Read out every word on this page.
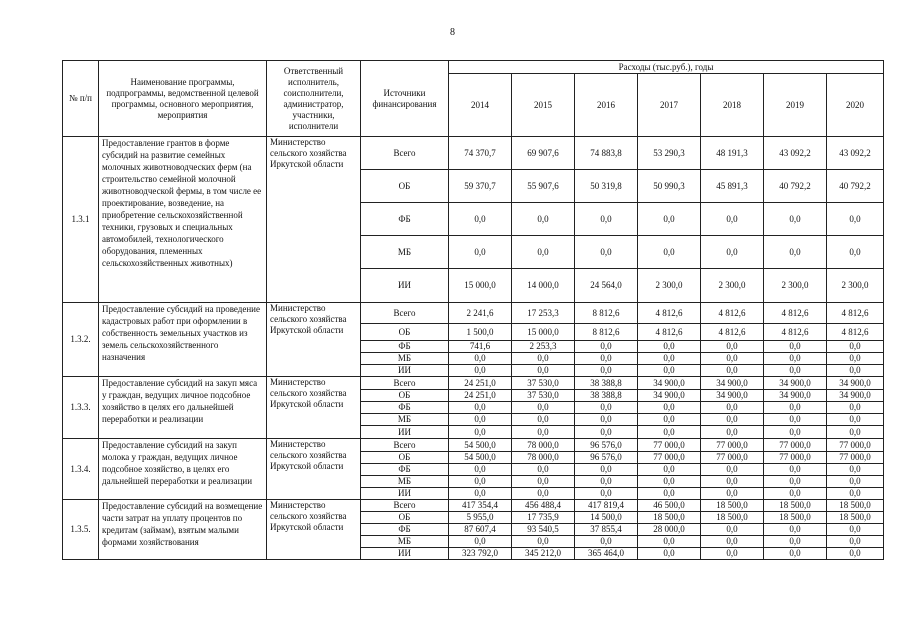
8
№ п/п	Наименование программы, подпрограммы, ведомственной целевой программы, основного мероприятия, мероприятия	Ответственный исполнитель, соисполнители, администратор, участники, исполнители	Источники финансирования	Расходы (тыс.руб.), годы						
				2014	2015	2016	2017	2018	2019	2020
1.3.1	Предоставление грантов в форме субсидий на развитие семейных молочных животноводческих ферм (на строительство семейной молочной животноводческой фермы, в том числе ее проектирование, возведение, на приобретение сельскохозяйственной техники, грузовых и специальных автомобилей, технологического оборудования, племенных сельскохозяйственных животных)	Министерство сельского хозяйства Иркутской области	Всего	74 370,7	69 907,6	74 883,8	53 290,3	48 191,3	43 092,2	43 092,2
			ОБ	59 370,7	55 907,6	50 319,8	50 990,3	45 891,3	40 792,2	40 792,2
			ФБ	0,0	0,0	0,0	0,0	0,0	0,0	0,0
			МБ	0,0	0,0	0,0	0,0	0,0	0,0	0,0
			ИИ	15 000,0	14 000,0	24 564,0	2 300,0	2 300,0	2 300,0	2 300,0
1.3.2.	Предоставление субсидий на проведение кадастровых работ при оформлении в собственность земельных участков из земель сельскохозяйственного назначения	Министерство сельского хозяйства Иркутской области	Всего	2 241,6	17 253,3	8 812,6	4 812,6	4 812,6	4 812,6	4 812,6
			ОБ	1 500,0	15 000,0	8 812,6	4 812,6	4 812,6	4 812,6	4 812,6
			ФБ	741,6	2 253,3	0,0	0,0	0,0	0,0	0,0
			МБ	0,0	0,0	0,0	0,0	0,0	0,0	0,0
			ИИ	0,0	0,0	0,0	0,0	0,0	0,0	0,0
1.3.3.	Предоставление субсидий на закуп мяса у граждан, ведущих личное подсобное хозяйство в целях его дальнейшей переработки и реализации	Министерство сельского хозяйства Иркутской области	Всего	24 251,0	37 530,0	38 388,8	34 900,0	34 900,0	34 900,0	34 900,0
			ОБ	24 251,0	37 530,0	38 388,8	34 900,0	34 900,0	34 900,0	34 900,0
			ФБ	0,0	0,0	0,0	0,0	0,0	0,0	0,0
			МБ	0,0	0,0	0,0	0,0	0,0	0,0	0,0
			ИИ	0,0	0,0	0,0	0,0	0,0	0,0	0,0
1.3.4.	Предоставление субсидий на закуп молока у граждан, ведущих личное подсобное хозяйство, в целях его дальнейшей переработки и реализации	Министерство сельского хозяйства Иркутской области	Всего	54 500,0	78 000,0	96 576,0	77 000,0	77 000,0	77 000,0	77 000,0
			ОБ	54 500,0	78 000,0	96 576,0	77 000,0	77 000,0	77 000,0	77 000,0
			ФБ	0,0	0,0	0,0	0,0	0,0	0,0	0,0
			МБ	0,0	0,0	0,0	0,0	0,0	0,0	0,0
			ИИ	0,0	0,0	0,0	0,0	0,0	0,0	0,0
1.3.5.	Предоставление субсидий на возмещение части затрат на уплату процентов по кредитам (займам), взятым малыми формами хозяйствования	Министерство сельского хозяйства Иркутской области	Всего	417 354,4	456 488,4	417 819,4	46 500,0	18 500,0	18 500,0	18 500,0
			ОБ	5 955,0	17 735,9	14 500,0	18 500,0	18 500,0	18 500,0	18 500,0
			ФБ	87 607,4	93 540,5	37 855,4	28 000,0	0,0	0,0	0,0
			МБ	0,0	0,0	0,0	0,0	0,0	0,0	0,0
			ИИ	323 792,0	345 212,0	365 464,0	0,0	0,0	0,0	0,0
